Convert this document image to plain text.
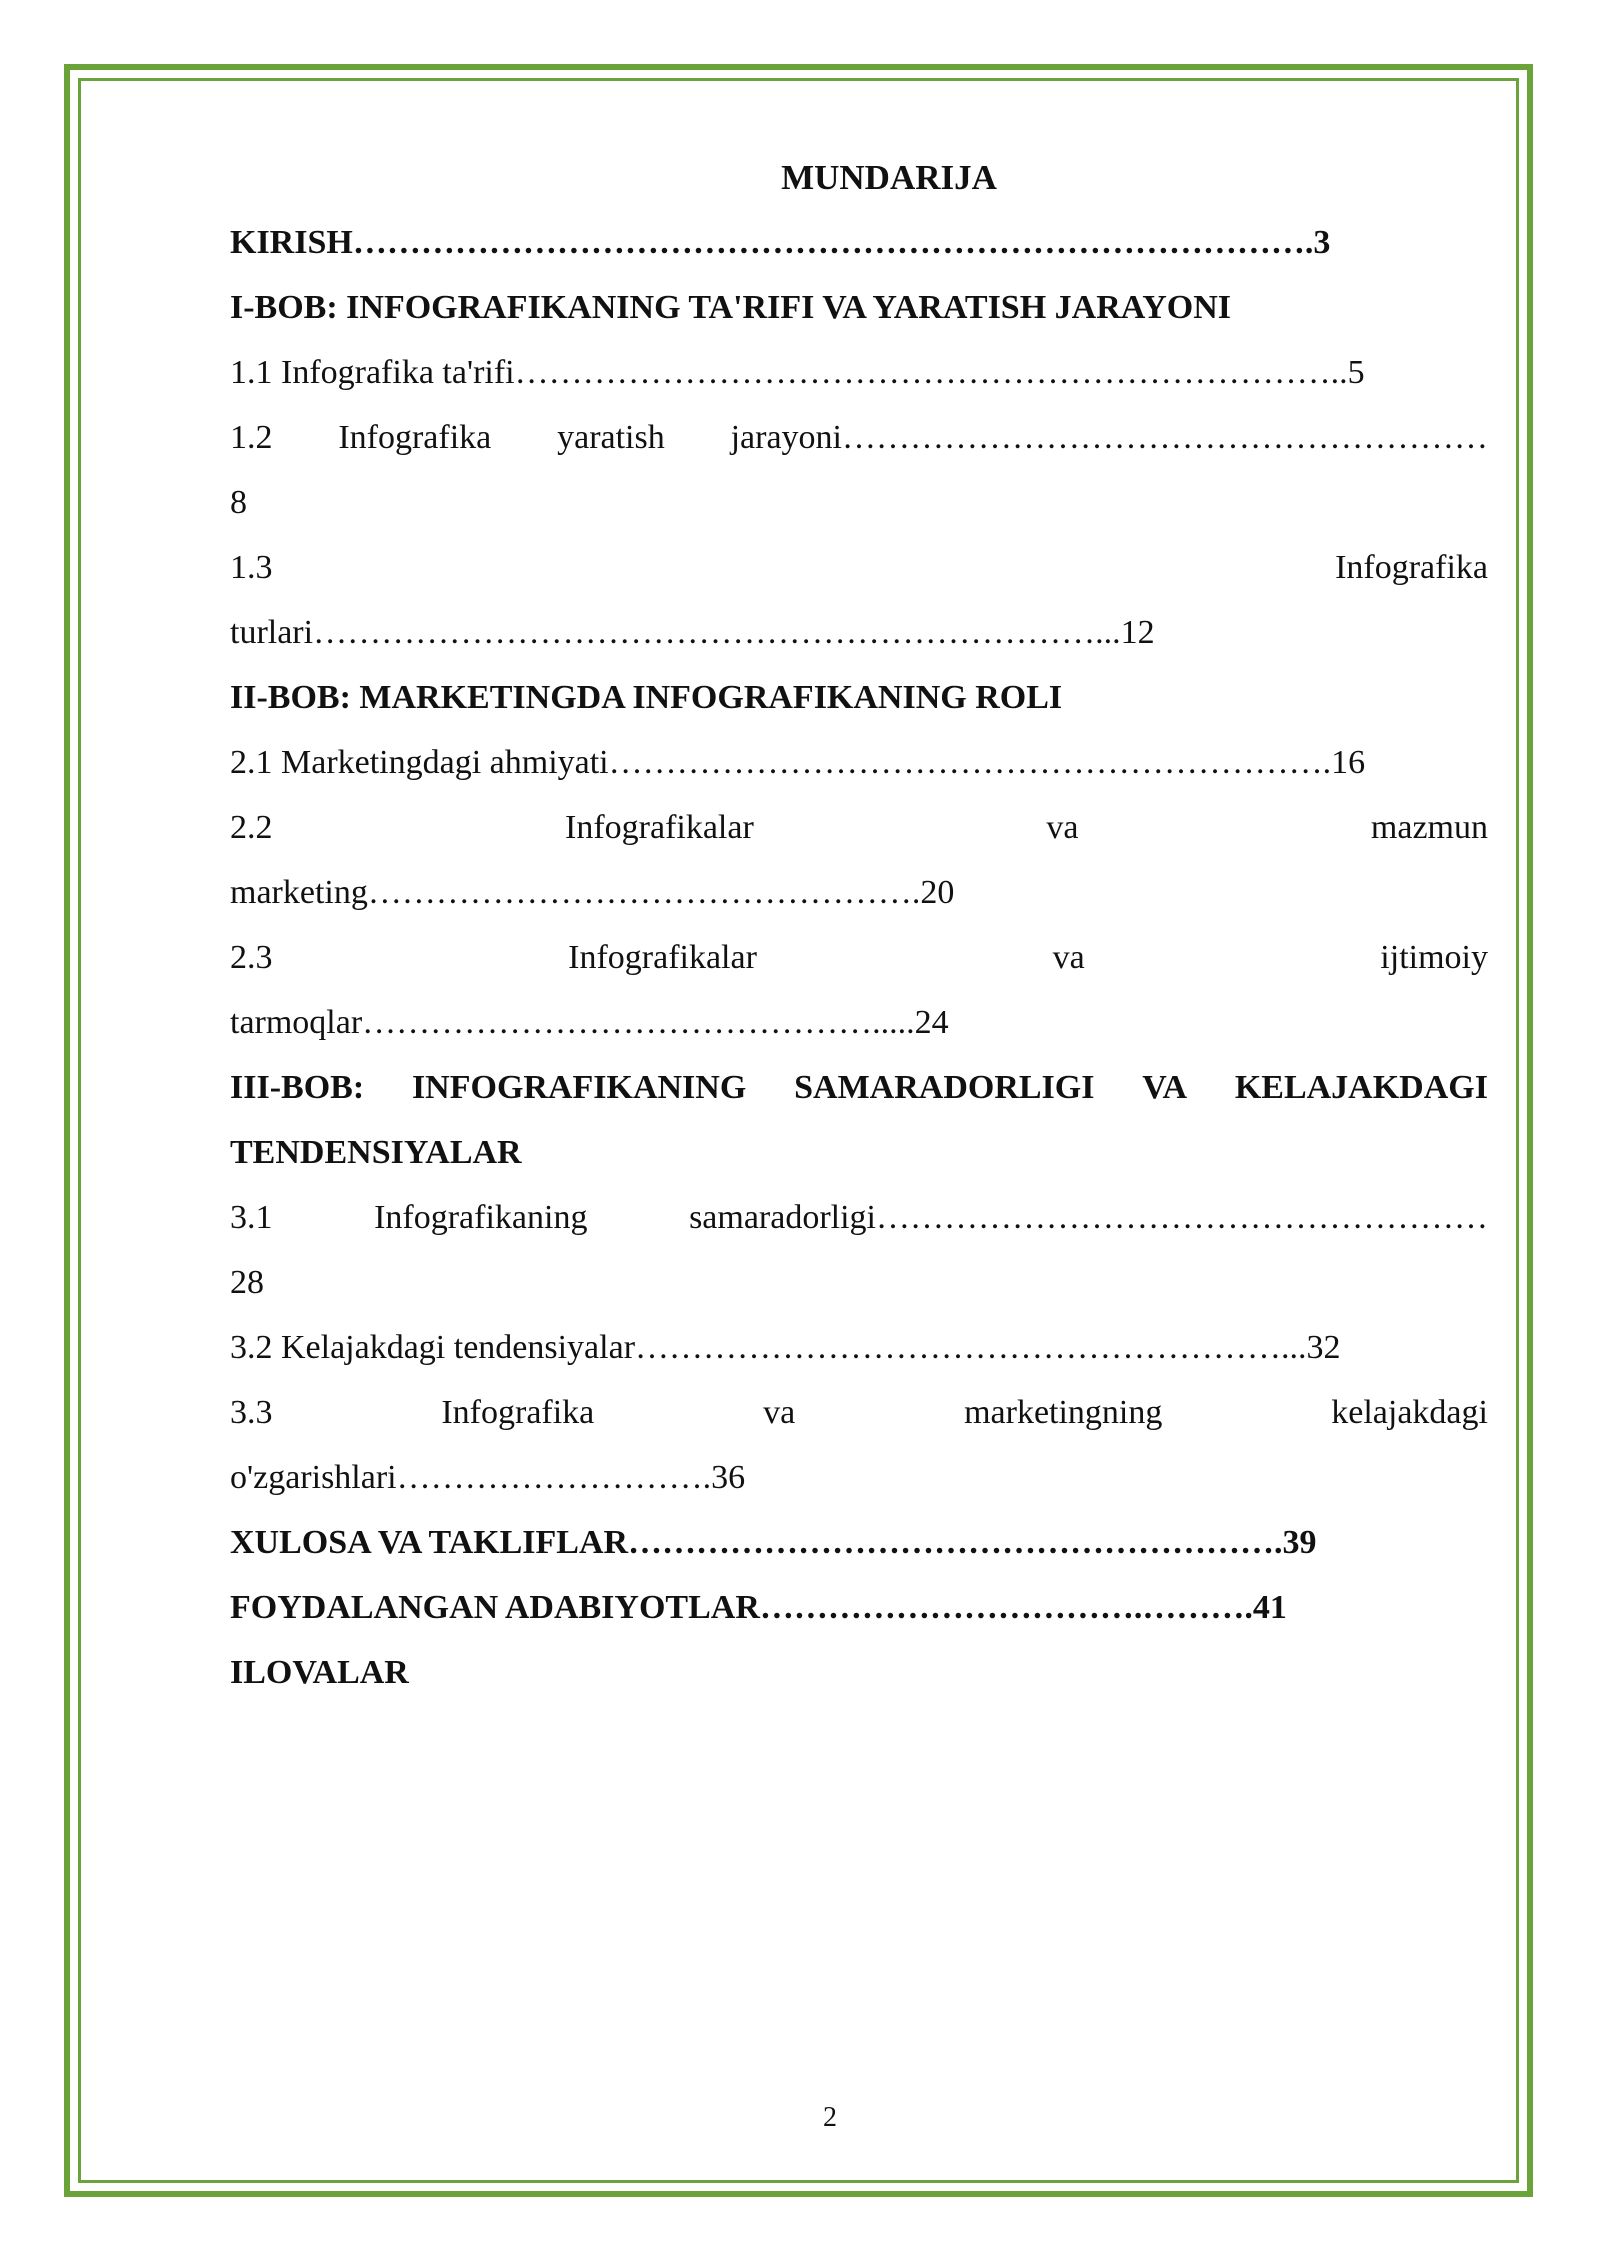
MUNDARIJA
KIRISH………………………………………………………………………….3
I-BOB: INFOGRAFIKANING TA'RIFI VA YARATISH JARAYONI
1.1 Infografika ta'rifi………………………………………………………………..5
1.2 Infografika yaratish jarayoni…………………………………………………
8
1.3	Infografika
turlari……………………………………………………………...12
II-BOB: MARKETINGDA INFOGRAFIKANING ROLI
2.1 Marketingdagi ahmiyati……………………………………………………….16
2.2	Infografikalar	va	mazmun
marketing………………………………………….20
2.3	Infografikalar	va	ijtimoiy
tarmoqlar……………………………………….....24
III-BOB: INFOGRAFIKANING SAMARADORLIGI VA KELAJAKDAGI
TENDENSIYALAR
3.1	Infografikaning	samaradorligi………………………………………………
28
3.2 Kelajakdagi tendensiyalar…………………………………………………...32
3.3	Infografika	va	marketingning	kelajakdagi
o'zgarishlari……………………….36
XULOSA VA TAKLIFLAR………………………………………………….39
FOYDALANGAN ADABIYOTLAR…………………………….……….41
ILOVALAR
2
